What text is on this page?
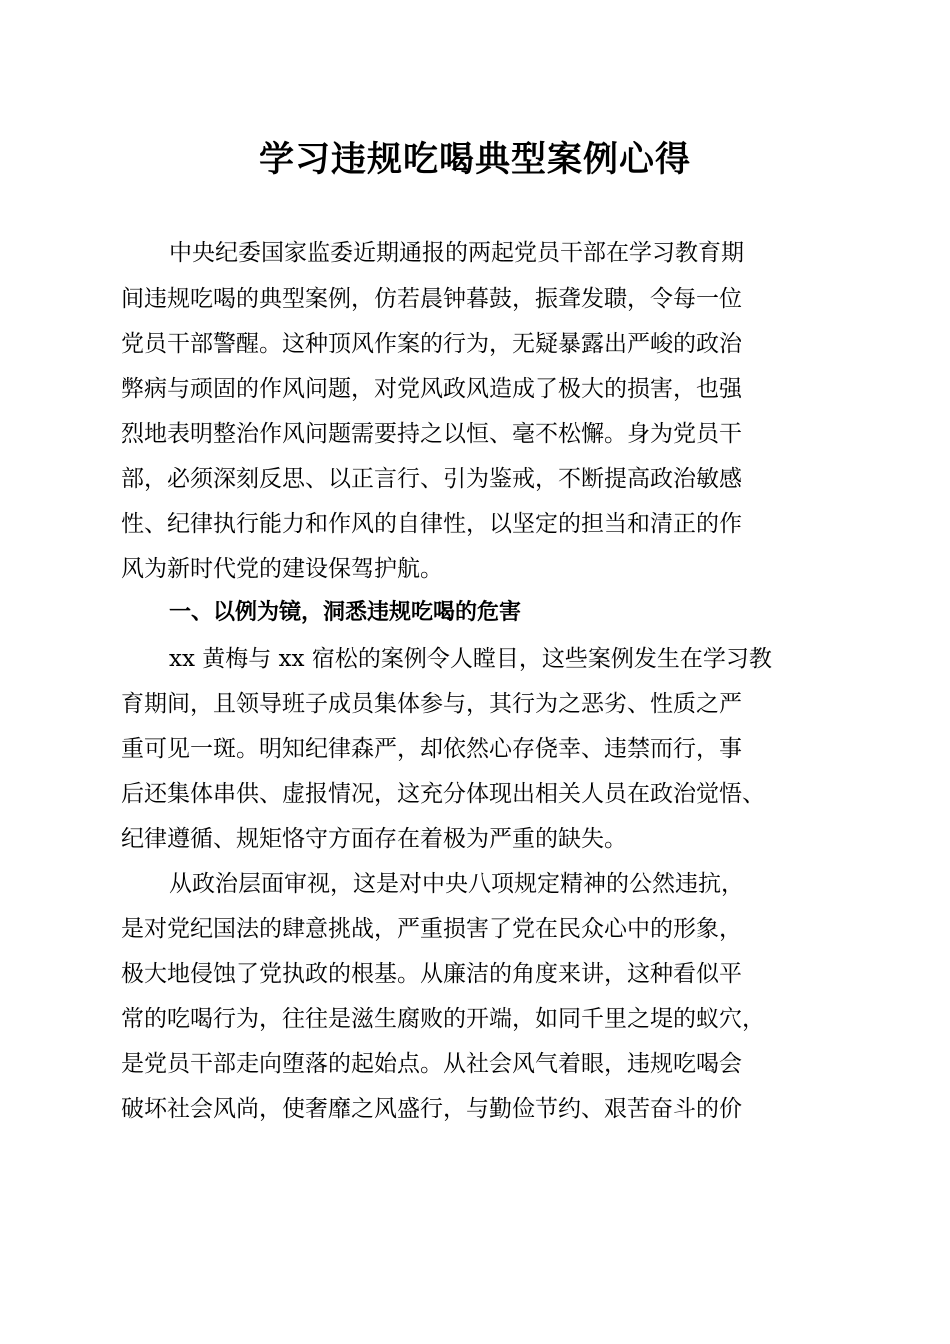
学习违规吃喝典型案例心得
中央纪委国家监委近期通报的两起党员干部在学习教育期
间违规吃喝的典型案例，仿若晨钟暮鼓，振聋发聩，令每一位
党员干部警醒。这种顶风作案的行为，无疑暴露出严峻的政治
弊病与顽固的作风问题，对党风政风造成了极大的损害，也强
烈地表明整治作风问题需要持之以恒、毫不松懈。身为党员干
部，必须深刻反思、以正言行、引为鉴戒，不断提高政治敏感
性、纪律执行能力和作风的自律性，以坚定的担当和清正的作
风为新时代党的建设保驾护航。
一、以例为镜，洞悉违规吃喝的危害
xx 黄梅与 xx 宿松的案例令人瞠目，这些案例发生在学习教
育期间，且领导班子成员集体参与，其行为之恶劣、性质之严
重可见一斑。明知纪律森严，却依然心存侥幸、违禁而行，事
后还集体串供、虚报情况，这充分体现出相关人员在政治觉悟、
纪律遵循、规矩恪守方面存在着极为严重的缺失。
从政治层面审视，这是对中央八项规定精神的公然违抗，
是对党纪国法的肆意挑战，严重损害了党在民众心中的形象，
极大地侵蚀了党执政的根基。从廉洁的角度来讲，这种看似平
常的吃喝行为，往往是滋生腐败的开端，如同千里之堤的蚁穴，
是党员干部走向堕落的起始点。从社会风气着眼，违规吃喝会
破坏社会风尚，使奢靡之风盛行，与勤俭节约、艰苦奋斗的价
